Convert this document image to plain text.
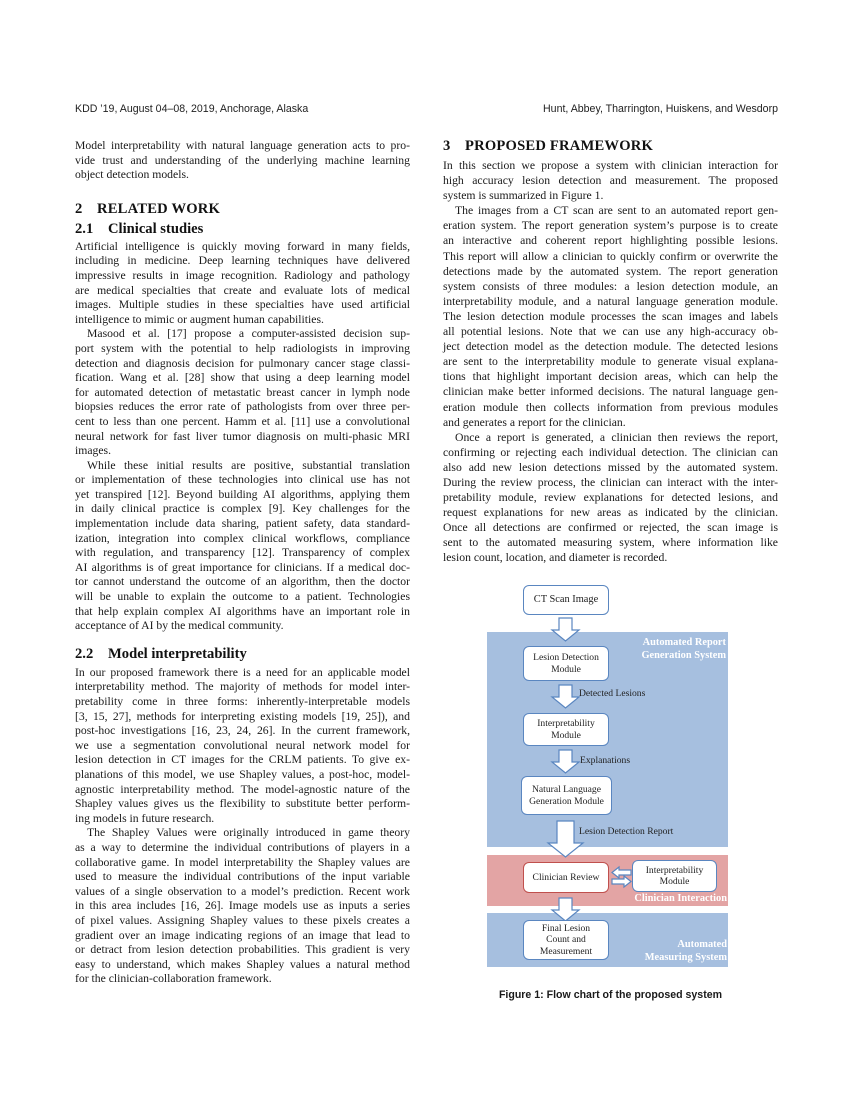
KDD ’19, August 04–08, 2019, Anchorage, Alaska	Hunt, Abbey, Tharrington, Huiskens, and Wesdorp
Model interpretability with natural language generation acts to pro-
vide trust and understanding of the underlying machine learning
object detection models.
2 RELATED WORK
2.1 Clinical studies
Artificial intelligence is quickly moving forward in many fields,
including in medicine. Deep learning techniques have delivered
impressive results in image recognition. Radiology and pathology
are medical specialties that create and evaluate lots of medical
images. Multiple studies in these specialties have used artificial
intelligence to mimic or augment human capabilities.
Masood et al. [17] propose a computer-assisted decision sup-
port system with the potential to help radiologists in improving
detection and diagnosis decision for pulmonary cancer stage classi-
fication. Wang et al. [28] show that using a deep learning model
for automated detection of metastatic breast cancer in lymph node
biopsies reduces the error rate of pathologists from over three per-
cent to less than one percent. Hamm et al. [11] use a convolutional
neural network for fast liver tumor diagnosis on multi-phasic MRI
images.
While these initial results are positive, substantial translation
or implementation of these technologies into clinical use has not
yet transpired [12]. Beyond building AI algorithms, applying them
in daily clinical practice is complex [9]. Key challenges for the
implementation include data sharing, patient safety, data standard-
ization, integration into complex clinical workflows, compliance
with regulation, and transparency [12]. Transparency of complex
AI algorithms is of great importance for clinicians. If a medical doc-
tor cannot understand the outcome of an algorithm, then the doctor
will be unable to explain the outcome to a patient. Technologies
that help explain complex AI algorithms have an important role in
acceptance of AI by the medical community.
2.2 Model interpretability
In our proposed framework there is a need for an applicable model
interpretability method. The majority of methods for model inter-
pretability come in three forms: inherently-interpretable models
[3, 15, 27], methods for interpreting existing models [19, 25]), and
post-hoc investigations [16, 23, 24, 26]. In the current framework,
we use a segmentation convolutional neural network model for
lesion detection in CT images for the CRLM patients. To give ex-
planations of this model, we use Shapley values, a post-hoc, model-
agnostic interpretability method. The model-agnostic nature of the
Shapley values gives us the flexibility to substitute better perform-
ing models in future research.
The Shapley Values were originally introduced in game theory
as a way to determine the individual contributions of players in a
collaborative game. In model interpretability the Shapley values are
used to measure the individual contributions of the input variable
values of a single observation to a model’s prediction. Recent work
in this area includes [16, 26]. Image models use as inputs a series
of pixel values. Assigning Shapley values to these pixels creates a
gradient over an image indicating regions of an image that lead to
or detract from lesion detection probabilities. This gradient is very
easy to understand, which makes Shapley values a natural method
for the clinician-collaboration framework.
3 PROPOSED FRAMEWORK
In this section we propose a system with clinician interaction for
high accuracy lesion detection and measurement. The proposed
system is summarized in Figure 1.
The images from a CT scan are sent to an automated report gen-
eration system. The report generation system’s purpose is to create
an interactive and coherent report highlighting possible lesions.
This report will allow a clinician to quickly confirm or overwrite the
detections made by the automated system. The report generation
system consists of three modules: a lesion detection module, an
interpretability module, and a natural language generation module.
The lesion detection module processes the scan images and labels
all potential lesions. Note that we can use any high-accuracy ob-
ject detection model as the detection module. The detected lesions
are sent to the interpretability module to generate visual explana-
tions that highlight important decision areas, which can help the
clinician make better informed decisions. The natural language gen-
eration module then collects information from previous modules
and generates a report for the clinician.
Once a report is generated, a clinician then reviews the report,
confirming or rejecting each individual detection. The clinician can
also add new lesion detections missed by the automated system.
During the review process, the clinician can interact with the inter-
pretability module, review explanations for detected lesions, and
request explanations for new areas as indicated by the clinician.
Once all detections are confirmed or rejected, the scan image is
sent to the automated measuring system, where information like
lesion count, location, and diameter is recorded.
CT Scan Image
Automated Report
Generation System
Lesion Detection
Module
Detected Lesions
Interpretability
Module
Explanations
Natural Language
Generation Module
Lesion Detection Report
Clinician Review
Interpretability
Module
Clinician Interaction
Final Lesion
Count and
Measurement
Automated
Measuring System
Figure 1: Flow chart of the proposed system
